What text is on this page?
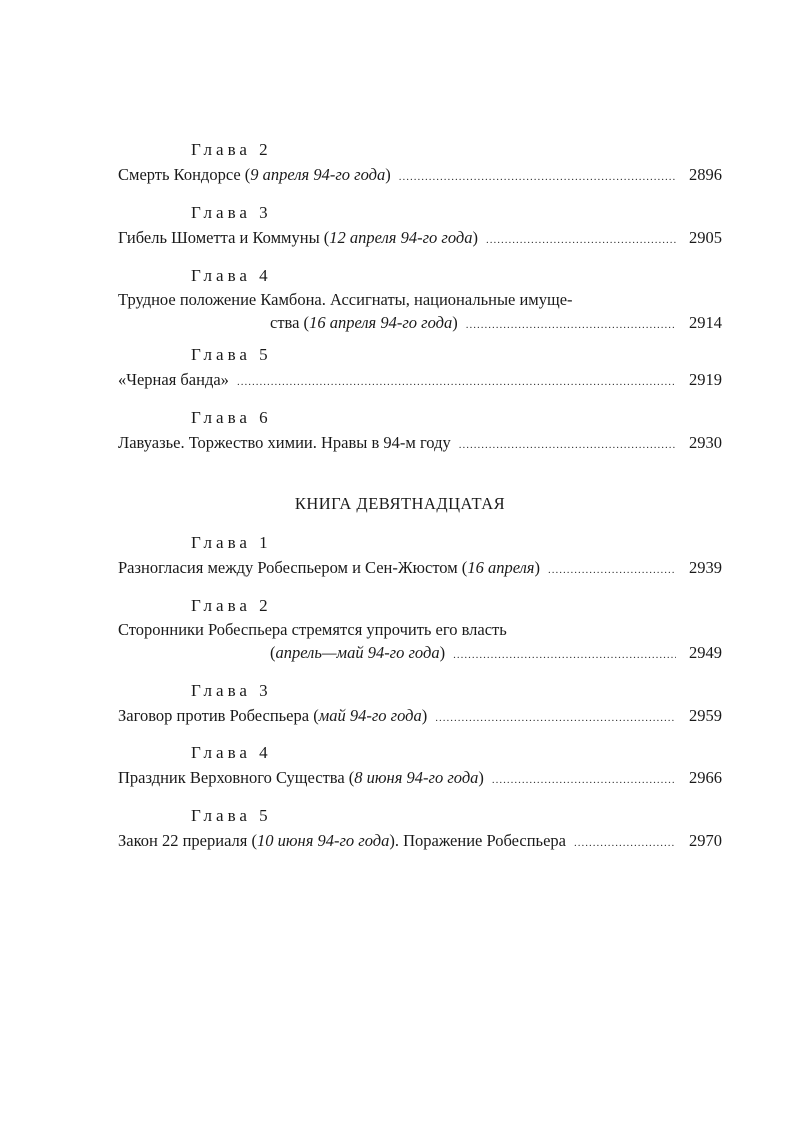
Глава 2
Смерть Кондорсе (9 апреля 94-го года) .....	2896
Глава 3
Гибель Шометта и Коммуны (12 апреля 94-го года) .....	2905
Глава 4
Трудное положение Камбона. Ассигнаты, национальные имуще-
ства (16 апреля 94-го года) .....	2914
Глава 5
«Черная банда» .....	2919
Глава 6
Лавуазье. Торжество химии. Нравы в 94-м году .....	2930
КНИГА ДЕВЯТНАДЦАТАЯ
Глава 1
Разногласия между Робеспьером и Сен-Жюстом (16 апреля) .....	2939
Глава 2
Сторонники Робеспьера стремятся упрочить его власть
(апрель—май 94-го года) .....	2949
Глава 3
Заговор против Робеспьера (май 94-го года) .....	2959
Глава 4
Праздник Верховного Существа (8 июня 94-го года) .....	2966
Глава 5
Закон 22 прериаля (10 июня 94-го года). Поражение Робеспьера .....	2970
